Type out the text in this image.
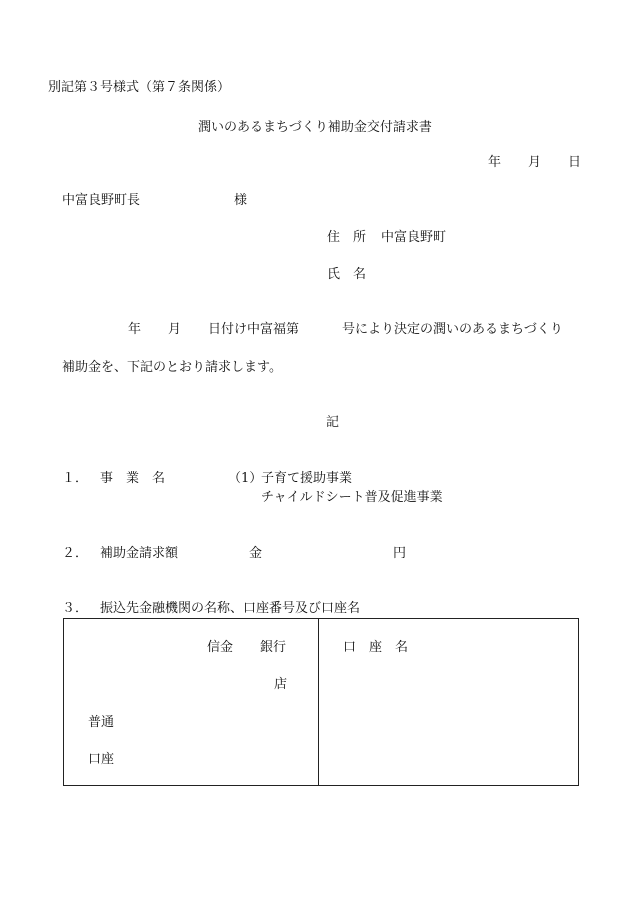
別記第３号様式（第７条関係）
潤いのあるまちづくり補助金交付請求書
年 月 日
中富良野町長	様
住　所 中富良野町
氏　名
年 月 日付け中富福第	号により決定の潤いのあるまちづくり
補助金を、下記のとおり請求します。
記
１． 事　業　名	（1）
子育て援助事業
チャイルドシート普及促進事業
２． 補助金請求額	金	円
３． 振込先金融機関の名称、口座番号及び口座名
信金 銀行
店
普通
口座
口　座　名
